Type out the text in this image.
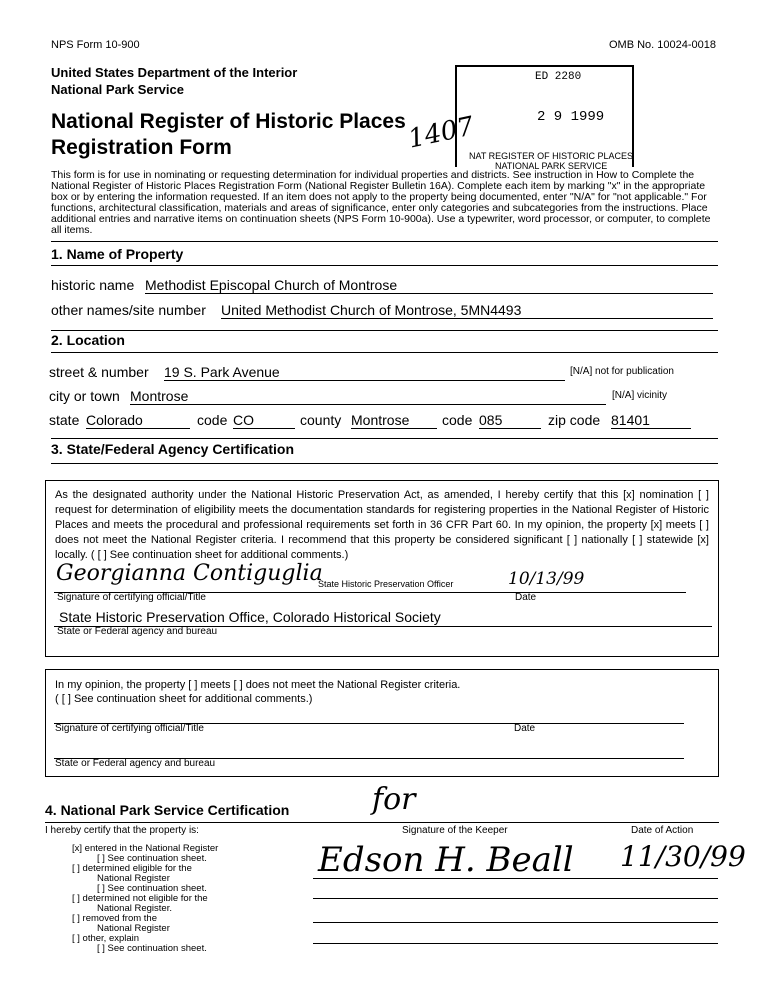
NPS Form 10-900	OMB No. 10024-0018
United States Department of the Interior
National Park Service
National Register of Historic Places
Registration Form	1407
ED 2280
2 9 1999
NAT REGISTER OF HISTORIC PLACES
NATIONAL PARK SERVICE
This form is for use in nominating or requesting determination for individual properties and districts. See instruction in How to Complete the National Register of Historic Places Registration Form (National Register Bulletin 16A). Complete each item by marking "x" in the appropriate box or by entering the information requested. If an item does not apply to the property being documented, enter "N/A" for "not applicable." For functions, architectural classification, materials and areas of significance, enter only categories and subcategories from the instructions. Place additional entries and narrative items on continuation sheets (NPS Form 10-900a). Use a typewriter, word processor, or computer, to complete all items.
1. Name of Property
historic name Methodist Episcopal Church of Montrose
other names/site number United Methodist Church of Montrose, 5MN4493
2. Location
street & number 19 S. Park Avenue	[N/A] not for publication
city or town Montrose	[N/A] vicinity
state Colorado	code CO	county Montrose	code 085	zip code 81401
3. State/Federal Agency Certification
As the designated authority under the National Historic Preservation Act, as amended, I hereby certify that this [x] nomination [ ] request for determination of eligibility meets the documentation standards for registering properties in the National Register of Historic Places and meets the procedural and professional requirements set forth in 36 CFR Part 60. In my opinion, the property [x] meets [ ] does not meet the National Register criteria. I recommend that this property be considered significant [ ] nationally [ ] statewide [x] locally. ( [ ] See continuation sheet for additional comments.)
Georgianna Contiguglia
State Historic Preservation Officer	10/13/99
Signature of certifying official/Title	Date
State Historic Preservation Office, Colorado Historical Society
State or Federal agency and bureau
In my opinion, the property [ ] meets [ ] does not meet the National Register criteria.
( [ ] See continuation sheet for additional comments.)
Signature of certifying official/Title	Date
State or Federal agency and bureau
4. National Park Service Certification
I hereby certify that the property is:	Signature of the Keeper	Date of Action
for
Edson H. Beall 11/30/99
[x] entered in the National Register
[ ] See continuation sheet.
[ ] determined eligible for the
National Register
[ ] See continuation sheet.
[ ] determined not eligible for the
National Register.
[ ] removed from the
National Register
[ ] other, explain
[ ] See continuation sheet.
